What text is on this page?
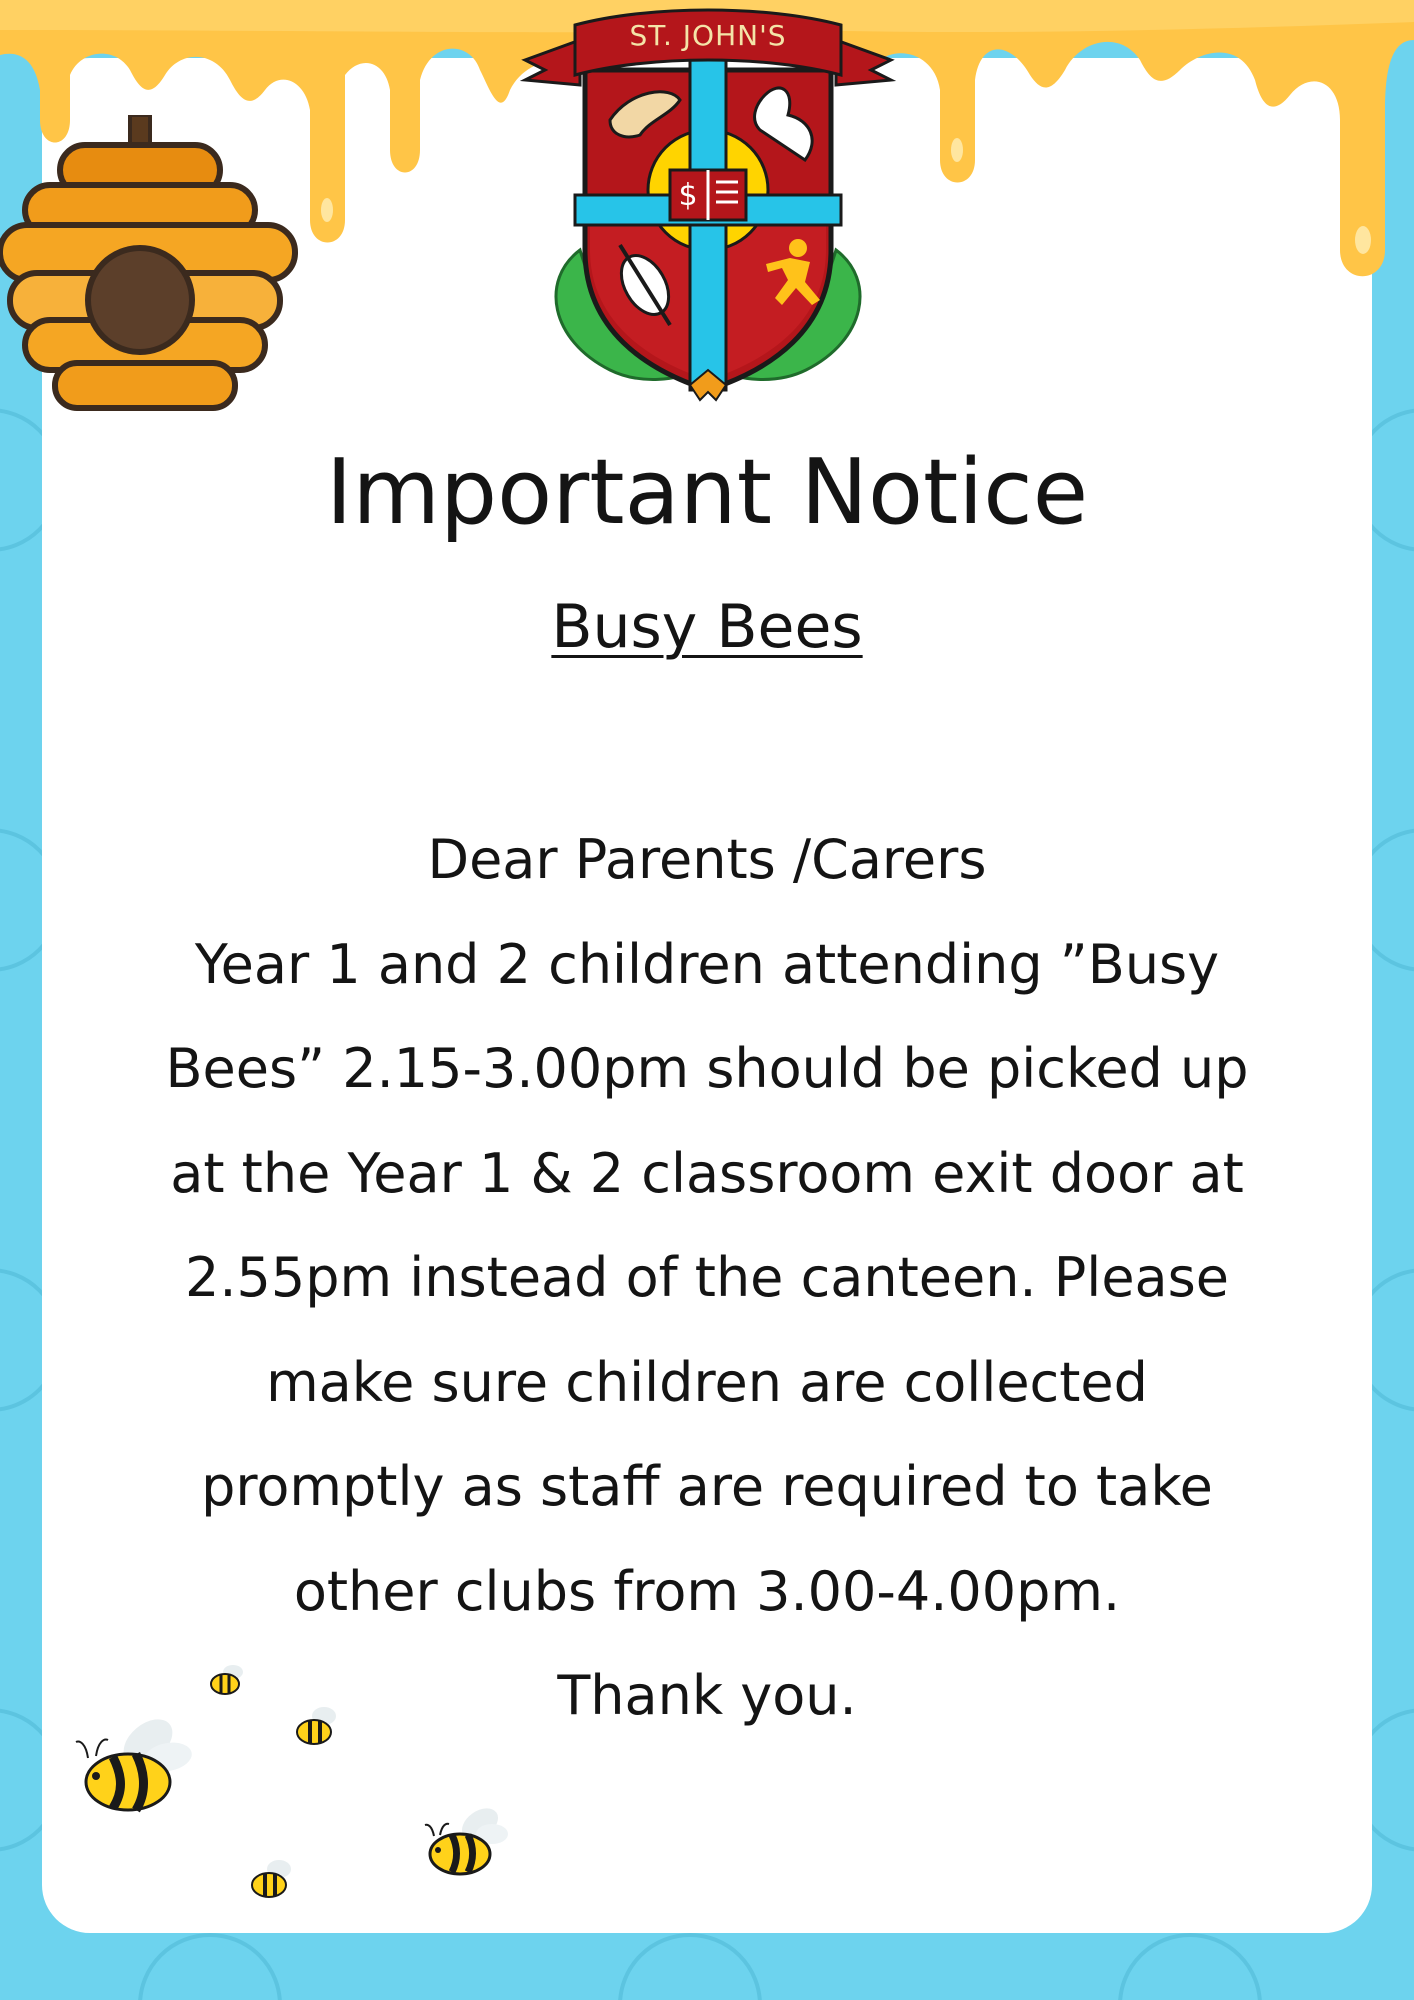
$
ST. JOHN'S
Important Notice
Busy Bees
Dear Parents /Carers
Year 1 and 2 children attending ”Busy
Bees” 2.15-3.00pm should be picked up
at the Year 1 & 2 classroom exit door at
2.55pm instead of the canteen. Please
make sure children are collected
promptly as staff are required to take
other clubs from 3.00-4.00pm.
Thank you.
